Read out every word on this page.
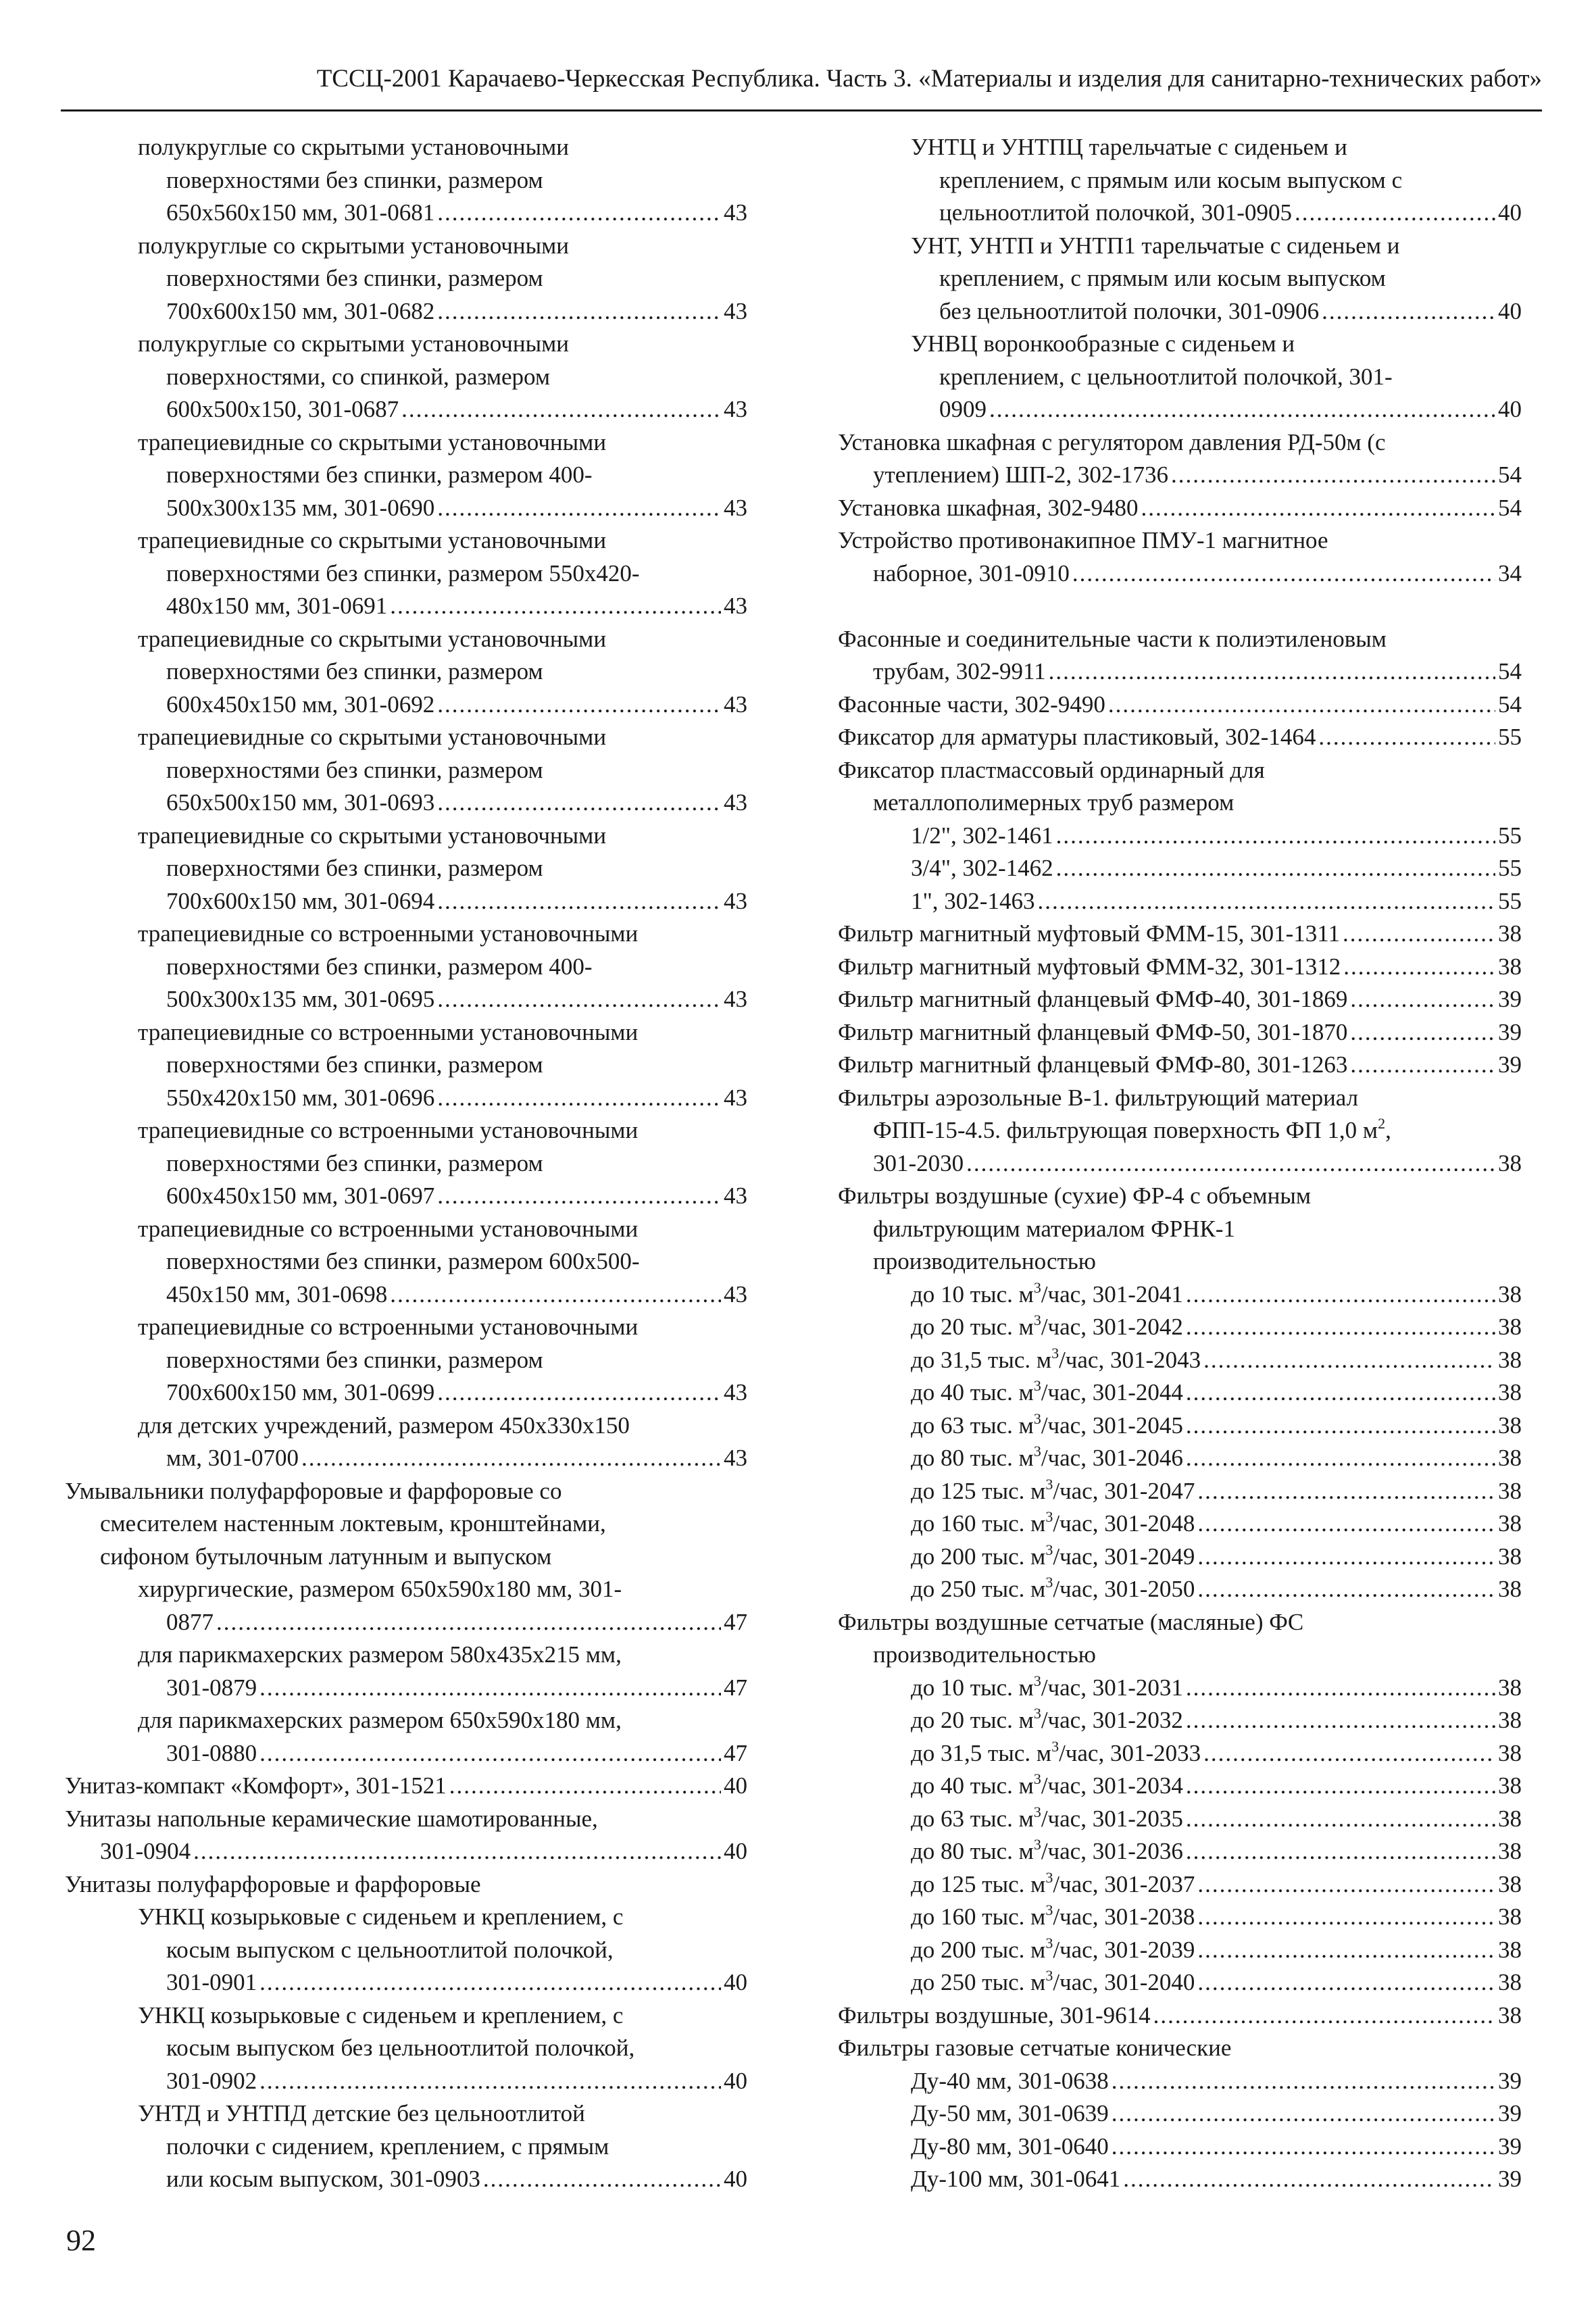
ТССЦ-2001 Карачаево-Черкесская Республика. Часть 3. «Материалы и изделия для санитарно-технических работ»
полукруглые со скрытыми установочными
поверхностями без спинки, размером
650х560х150 мм, 301-0681 .....	43
полукруглые со скрытыми установочными
поверхностями без спинки, размером
700х600х150 мм, 301-0682 .....	43
полукруглые со скрытыми установочными
поверхностями, со спинкой, размером
600х500х150, 301-0687 .....	43
трапециевидные со скрытыми установочными
поверхностями без спинки, размером 400-
500х300х135 мм, 301-0690 .....	43
трапециевидные со скрытыми установочными
поверхностями без спинки, размером 550х420-
480х150 мм, 301-0691 .....	43
трапециевидные со скрытыми установочными
поверхностями без спинки, размером
600х450х150 мм, 301-0692 .....	43
трапециевидные со скрытыми установочными
поверхностями без спинки, размером
650х500х150 мм, 301-0693 .....	43
трапециевидные со скрытыми установочными
поверхностями без спинки, размером
700х600х150 мм, 301-0694 .....	43
трапециевидные со встроенными установочными
поверхностями без спинки, размером 400-
500х300х135 мм, 301-0695 .....	43
трапециевидные со встроенными установочными
поверхностями без спинки, размером
550х420х150 мм, 301-0696 .....	43
трапециевидные со встроенными установочными
поверхностями без спинки, размером
600х450х150 мм, 301-0697 .....	43
трапециевидные со встроенными установочными
поверхностями без спинки, размером 600х500-
450х150 мм, 301-0698 .....	43
трапециевидные со встроенными установочными
поверхностями без спинки, размером
700х600х150 мм, 301-0699 .....	43
для детских учреждений, размером 450х330х150
мм, 301-0700 .....	43
Умывальники полуфарфоровые и фарфоровые со
смесителем настенным локтевым, кронштейнами,
сифоном бутылочным латунным и выпуском
хирургические, размером 650х590х180 мм, 301-
0877 .....	47
для парикмахерских размером 580х435х215 мм,
301-0879 .....	47
для парикмахерских размером 650х590х180 мм,
301-0880 .....	47
Унитаз-компакт «Комфорт», 301-1521 .....	40
Унитазы напольные керамические шамотированные,
301-0904 .....	40
Унитазы полуфарфоровые и фарфоровые
УНКЦ козырьковые с сиденьем и креплением, с
косым выпуском с цельноотлитой полочкой,
301-0901 .....	40
УНКЦ козырьковые с сиденьем и креплением, с
косым выпуском без цельноотлитой полочкой,
301-0902 .....	40
УНТД и УНТПД детские без цельноотлитой
полочки с сидением, креплением, с прямым
или косым выпуском, 301-0903 .....	40
УНТЦ и УНТПЦ тарельчатые с сиденьем и
креплением, с прямым или косым выпуском с
цельноотлитой полочкой, 301-0905 .....	40
УНТ, УНТП и УНТП1 тарельчатые с сиденьем и
креплением, с прямым или косым выпуском
без цельноотлитой полочки, 301-0906 .....	40
УНВЦ воронкообразные с сиденьем и
креплением, с цельноотлитой полочкой, 301-
0909 .....	40
Установка шкафная с регулятором давления РД-50м (с
утеплением) ШП-2, 302-1736 .....	54
Установка шкафная, 302-9480 .....	54
Устройство противонакипное ПМУ-1 магнитное
наборное, 301-0910 .....	34
Фасонные и соединительные части к полиэтиленовым
трубам, 302-9911 .....	54
Фасонные части, 302-9490 .....	54
Фиксатор для арматуры пластиковый, 302-1464 .....	55
Фиксатор пластмассовый ординарный для
металлополимерных труб размером
1/2", 302-1461 .....	55
3/4", 302-1462 .....	55
1", 302-1463 .....	55
Фильтр магнитный муфтовый ФММ-15, 301-1311 .....	38
Фильтр магнитный муфтовый ФММ-32, 301-1312 .....	38
Фильтр магнитный фланцевый ФМФ-40, 301-1869 .....	39
Фильтр магнитный фланцевый ФМФ-50, 301-1870 .....	39
Фильтр магнитный фланцевый ФМФ-80, 301-1263 .....	39
Фильтры аэрозольные В-1. фильтрующий материал
ФПП-15-4.5. фильтрующая поверхность ФП 1,0 $м^2$,
301-2030 .....	38
Фильтры воздушные (сухие) ФР-4 с объемным
фильтрующим материалом ФРНК-1
производительностью
до 10 тыс. $м^3$/час, 301-2041 .....	38
до 20 тыс. $м^3$/час, 301-2042 .....	38
до 31,5 тыс. $м^3$/час, 301-2043 .....	38
до 40 тыс. $м^3$/час, 301-2044 .....	38
до 63 тыс. $м^3$/час, 301-2045 .....	38
до 80 тыс. $м^3$/час, 301-2046 .....	38
до 125 тыс. $м^3$/час, 301-2047 .....	38
до 160 тыс. $м^3$/час, 301-2048 .....	38
до 200 тыс. $м^3$/час, 301-2049 .....	38
до 250 тыс. $м^3$/час, 301-2050 .....	38
Фильтры воздушные сетчатые (масляные) ФС
производительностью
до 10 тыс. $м^3$/час, 301-2031 .....	38
до 20 тыс. $м^3$/час, 301-2032 .....	38
до 31,5 тыс. $м^3$/час, 301-2033 .....	38
до 40 тыс. $м^3$/час, 301-2034 .....	38
до 63 тыс. $м^3$/час, 301-2035 .....	38
до 80 тыс. $м^3$/час, 301-2036 .....	38
до 125 тыс. $м^3$/час, 301-2037 .....	38
до 160 тыс. $м^3$/час, 301-2038 .....	38
до 200 тыс. $м^3$/час, 301-2039 .....	38
до 250 тыс. $м^3$/час, 301-2040 .....	38
Фильтры воздушные, 301-9614 .....	38
Фильтры газовые сетчатые конические
Ду-40 мм, 301-0638 .....	39
Ду-50 мм, 301-0639 .....	39
Ду-80 мм, 301-0640 .....	39
Ду-100 мм, 301-0641 .....	39
92
